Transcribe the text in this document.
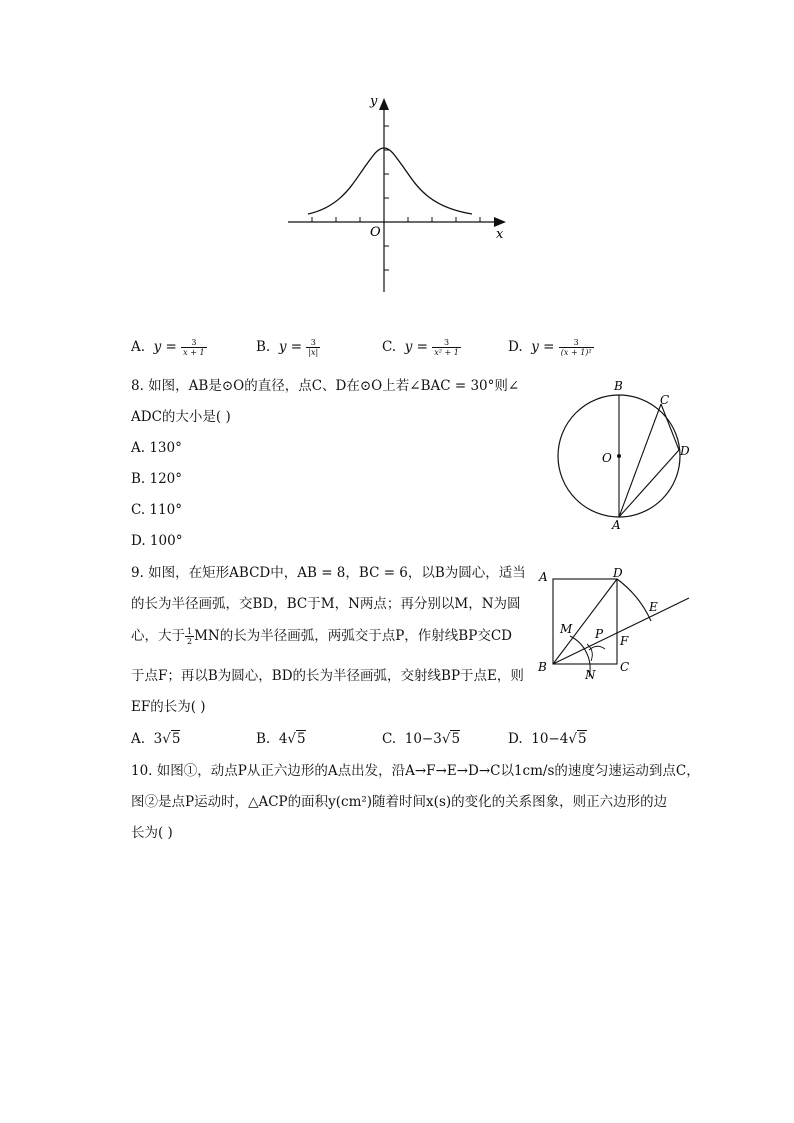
y
x
O
A. $y = \frac{3}{x + 1}$	B. $y = \frac{3}{|x|}$	C. $y = \frac{3}{\text{x² + 1}}$	D. $y = \frac{3}{\text{(x + 1)²}}$
8. 如图，AB是⊙O的直径，点C、D在⊙O上若∠BAC = 30°则∠
ADC的大小是( )
A. 130°
B. 120°
C. 110°
D. 100°
B
C
D
O
A
9. 如图，在矩形ABCD中，AB = 8，BC = 6，以B为圆心，适当
的长为半径画弧，交BD，BC于M，N两点；再分别以M，N为圆
心，大于 $\frac{1}{2}$ MN的长为半径画弧，两弧交于点P，作射线BP交CD
于点F；再以B为圆心，BD的长为半径画弧，交射线BP于点E，则
EF的长为( )
A. 3√5	B. 4√5	C. 10−3√5	D. 10−4√5
A	D
E
M P F
B
N
C
10. 如图①，动点P从正六边形的A点出发，沿A→F→E→D→C以1cm/s的速度匀速运动到点C，
图②是点P运动时，△ACP的面积y(cm²)随着时间x(s)的变化的关系图象，则正六边形的边
长为( )
